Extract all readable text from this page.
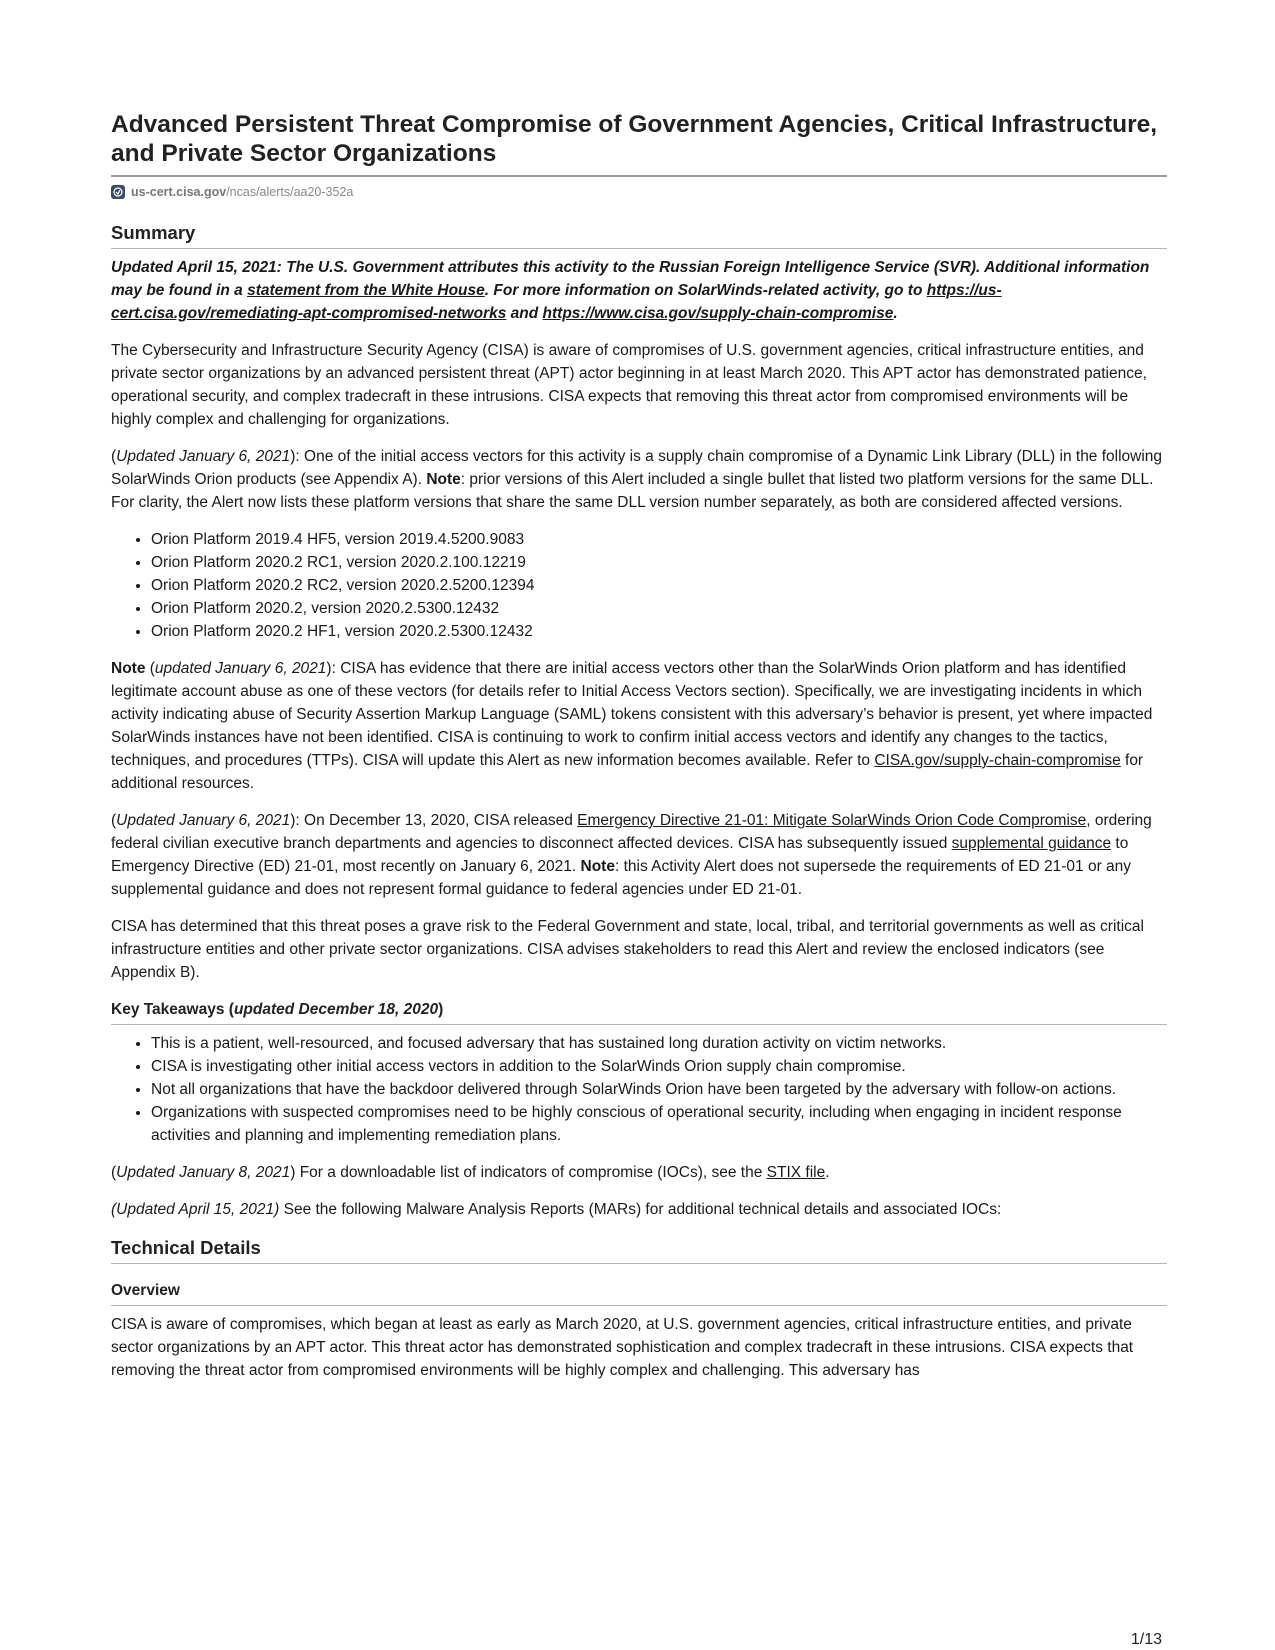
Advanced Persistent Threat Compromise of Government Agencies, Critical Infrastructure, and Private Sector Organizations
us-cert.cisa.gov/ncas/alerts/aa20-352a
Summary

Updated April 15, 2021: The U.S. Government attributes this activity to the Russian Foreign Intelligence Service (SVR). Additional information may be found in a statement from the White House. For more information on SolarWinds-related activity, go to https://us-cert.cisa.gov/remediating-apt-compromised-networks and https://www.cisa.gov/supply-chain-compromise.

The Cybersecurity and Infrastructure Security Agency (CISA) is aware of compromises of U.S. government agencies, critical infrastructure entities, and private sector organizations by an advanced persistent threat (APT) actor beginning in at least March 2020. This APT actor has demonstrated patience, operational security, and complex tradecraft in these intrusions. CISA expects that removing this threat actor from compromised environments will be highly complex and challenging for organizations.

(Updated January 6, 2021): One of the initial access vectors for this activity is a supply chain compromise of a Dynamic Link Library (DLL) in the following SolarWinds Orion products (see Appendix A). Note: prior versions of this Alert included a single bullet that listed two platform versions for the same DLL. For clarity, the Alert now lists these platform versions that share the same DLL version number separately, as both are considered affected versions.

• Orion Platform 2019.4 HF5, version 2019.4.5200.9083
• Orion Platform 2020.2 RC1, version 2020.2.100.12219
• Orion Platform 2020.2 RC2, version 2020.2.5200.12394
• Orion Platform 2020.2, version 2020.2.5300.12432
• Orion Platform 2020.2 HF1, version 2020.2.5300.12432

Note (updated January 6, 2021): CISA has evidence that there are initial access vectors other than the SolarWinds Orion platform and has identified legitimate account abuse as one of these vectors (for details refer to Initial Access Vectors section). Specifically, we are investigating incidents in which activity indicating abuse of Security Assertion Markup Language (SAML) tokens consistent with this adversary’s behavior is present, yet where impacted SolarWinds instances have not been identified. CISA is continuing to work to confirm initial access vectors and identify any changes to the tactics, techniques, and procedures (TTPs). CISA will update this Alert as new information becomes available. Refer to CISA.gov/supply-chain-compromise for additional resources.

(Updated January 6, 2021): On December 13, 2020, CISA released Emergency Directive 21-01: Mitigate SolarWinds Orion Code Compromise, ordering federal civilian executive branch departments and agencies to disconnect affected devices. CISA has subsequently issued supplemental guidance to Emergency Directive (ED) 21-01, most recently on January 6, 2021. Note: this Activity Alert does not supersede the requirements of ED 21-01 or any supplemental guidance and does not represent formal guidance to federal agencies under ED 21-01.

CISA has determined that this threat poses a grave risk to the Federal Government and state, local, tribal, and territorial governments as well as critical infrastructure entities and other private sector organizations. CISA advises stakeholders to read this Alert and review the enclosed indicators (see Appendix B).

Key Takeaways (updated December 18, 2020)
• This is a patient, well-resourced, and focused adversary that has sustained long duration activity on victim networks.
• CISA is investigating other initial access vectors in addition to the SolarWinds Orion supply chain compromise.
• Not all organizations that have the backdoor delivered through SolarWinds Orion have been targeted by the adversary with follow-on actions.
• Organizations with suspected compromises need to be highly conscious of operational security, including when engaging in incident response activities and planning and implementing remediation plans.

(Updated January 8, 2021) For a downloadable list of indicators of compromise (IOCs), see the STIX file.

(Updated April 15, 2021) See the following Malware Analysis Reports (MARs) for additional technical details and associated IOCs:

Technical Details
Overview

CISA is aware of compromises, which began at least as early as March 2020, at U.S. government agencies, critical infrastructure entities, and private sector organizations by an APT actor. This threat actor has demonstrated sophistication and complex tradecraft in these intrusions. CISA expects that removing the threat actor from compromised environments will be highly complex and challenging. This adversary has

1/13
